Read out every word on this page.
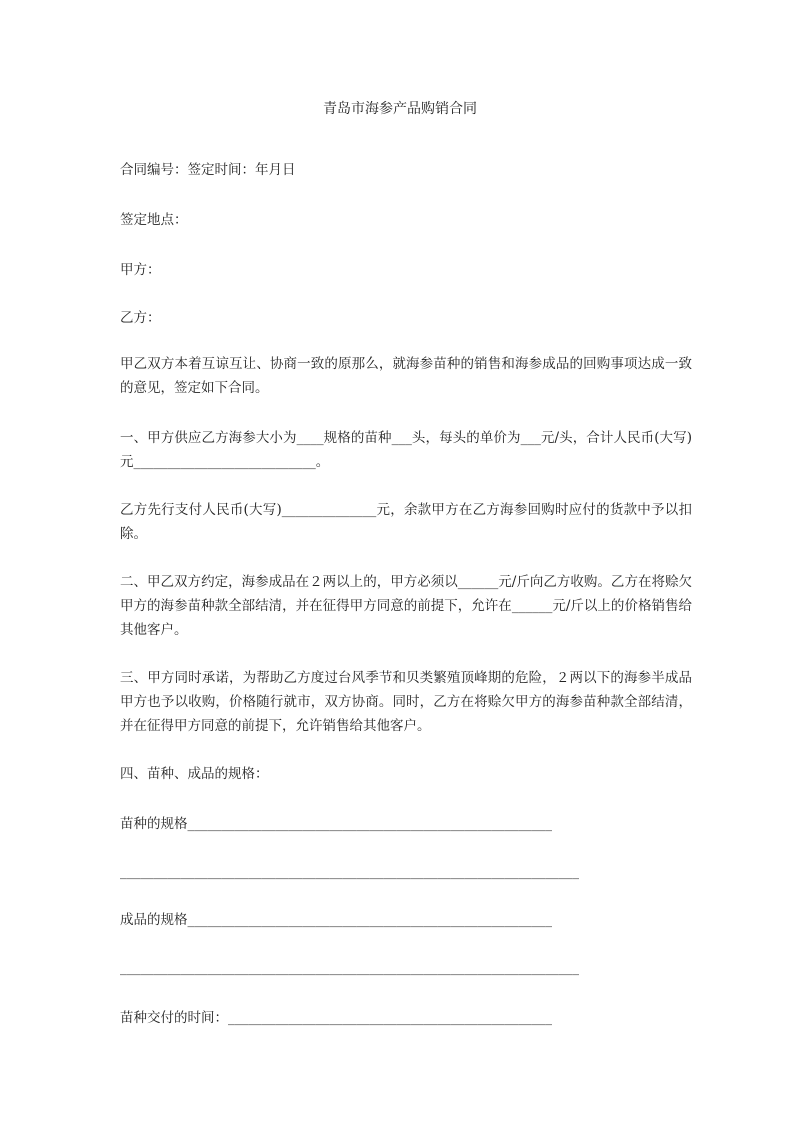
青岛市海参产品购销合同
合同编号：签定时间：年月日
签定地点：
甲方：
乙方：
甲乙双方本着互谅互让、协商一致的原那么，就海参苗种的销售和海参成品的回购事项达成一致的意见，签定如下合同。
一、甲方供应乙方海参大小为____规格的苗种___头，每头的单价为___元/头，合计人民币(大写)元___________________________。
乙方先行支付人民币(大写)______________元，余款甲方在乙方海参回购时应付的货款中予以扣除。
二、甲乙双方约定，海参成品在２两以上的，甲方必须以______元/斤向乙方收购。乙方在将赊欠甲方的海参苗种款全部结清，并在征得甲方同意的前提下，允许在______元/斤以上的价格销售给其他客户。
三、甲方同时承诺，为帮助乙方度过台风季节和贝类繁殖顶峰期的危险，２两以下的海参半成品甲方也予以收购，价格随行就市，双方协商。同时，乙方在将赊欠甲方的海参苗种款全部结清，并在征得甲方同意的前提下，允许销售给其他客户。
四、苗种、成品的规格：
苗种的规格______________________________________________________
____________________________________________________________________
成品的规格______________________________________________________
____________________________________________________________________
苗种交付的时间：________________________________________________
